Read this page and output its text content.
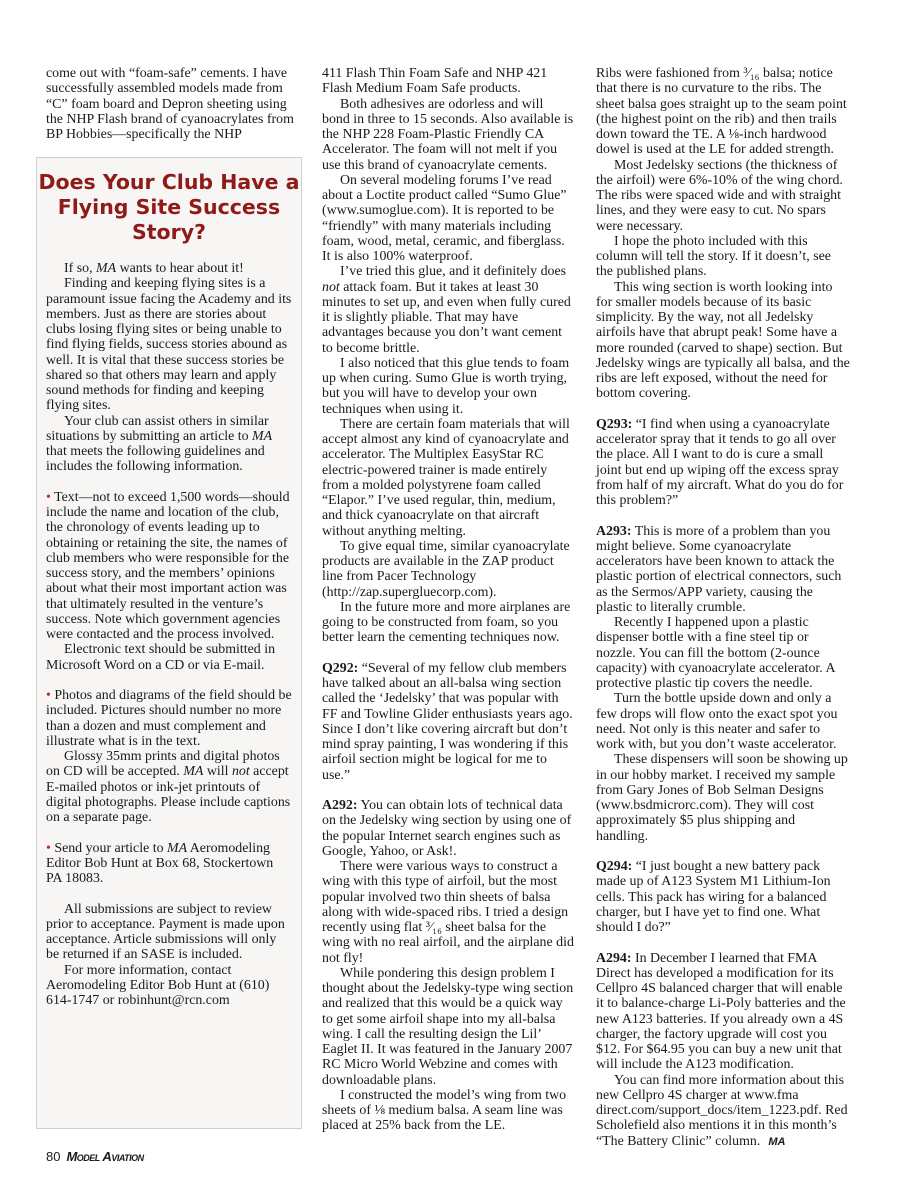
come out with “foam-safe” cements. I have successfully assembled models made from “C” foam board and Depron sheeting using the NHP Flash brand of cyanoacrylates from BP Hobbies—specifically the NHP

Does Your Club Have a Flying Site Success Story?

If so, MA wants to hear about it!

Finding and keeping flying sites is a paramount issue facing the Academy and its members. Just as there are stories about clubs losing flying sites or being unable to find flying fields, success stories abound as well. It is vital that these success stories be shared so that others may learn and apply sound methods for finding and keeping flying sites.

Your club can assist others in similar situations by submitting an article to MA that meets the following guidelines and includes the following information.

• Text—not to exceed 1,500 words—should include the name and location of the club, the chronology of events leading up to obtaining or retaining the site, the names of club members who were responsible for the success story, and the members’ opinions about what their most important action was that ultimately resulted in the venture’s success. Note which government agencies were contacted and the process involved.

Electronic text should be submitted in Microsoft Word on a CD or via E-mail.

• Photos and diagrams of the field should be included. Pictures should number no more than a dozen and must complement and illustrate what is in the text.

Glossy 35mm prints and digital photos on CD will be accepted. MA will not accept E-mailed photos or ink-jet printouts of digital photographs. Please include captions on a separate page.

• Send your article to MA Aeromodeling Editor Bob Hunt at Box 68, Stockertown PA 18083.

All submissions are subject to review prior to acceptance. Payment is made upon acceptance. Article submissions will only be returned if an SASE is included.

For more information, contact Aeromodeling Editor Bob Hunt at (610) 614-1747 or robinhunt@rcn.com

411 Flash Thin Foam Safe and NHP 421 Flash Medium Foam Safe products.

Both adhesives are odorless and will bond in three to 15 seconds. Also available is the NHP 228 Foam-Plastic Friendly CA Accelerator. The foam will not melt if you use this brand of cyanoacrylate cements.

On several modeling forums I’ve read about a Loctite product called “Sumo Glue” (www.sumoglue.com). It is reported to be “friendly” with many materials including foam, wood, metal, ceramic, and fiberglass. It is also 100% waterproof.

I’ve tried this glue, and it definitely does not attack foam. But it takes at least 30 minutes to set up, and even when fully cured it is slightly pliable. That may have advantages because you don’t want cement to become brittle.

I also noticed that this glue tends to foam up when curing. Sumo Glue is worth trying, but you will have to develop your own techniques when using it.

There are certain foam materials that will accept almost any kind of cyanoacrylate and accelerator. The Multiplex EasyStar RC electric-powered trainer is made entirely from a molded polystyrene foam called “Elapor.” I’ve used regular, thin, medium, and thick cyanoacrylate on that aircraft without anything melting.

To give equal time, similar cyanoacrylate products are available in the ZAP product line from Pacer Technology (http://zap.supergluecorp.com).

In the future more and more airplanes are going to be constructed from foam, so you better learn the cementing techniques now.

Q292: “Several of my fellow club members have talked about an all-balsa wing section called the ‘Jedelsky’ that was popular with FF and Towline Glider enthusiasts years ago. Since I don’t like covering aircraft but don’t mind spray painting, I was wondering if this airfoil section might be logical for me to use.”

A292: You can obtain lots of technical data on the Jedelsky wing section by using one of the popular Internet search engines such as Google, Yahoo, or Ask!.

There were various ways to construct a wing with this type of airfoil, but the most popular involved two thin sheets of balsa along with wide-spaced ribs. I tried a design recently using flat ³⁄₁₆ sheet balsa for the wing with no real airfoil, and the airplane did not fly!

While pondering this design problem I thought about the Jedelsky-type wing section and realized that this would be a quick way to get some airfoil shape into my all-balsa wing. I call the resulting design the Lil’ Eaglet II. It was featured in the January 2007 RC Micro World Webzine and comes with downloadable plans.

I constructed the model’s wing from two sheets of ⅛ medium balsa. A seam line was placed at 25% back from the LE.

Ribs were fashioned from ³⁄₁₆ balsa; notice that there is no curvature to the ribs. The sheet balsa goes straight up to the seam point (the highest point on the rib) and then trails down toward the TE. A ⅛-inch hardwood dowel is used at the LE for added strength.

Most Jedelsky sections (the thickness of the airfoil) were 6%-10% of the wing chord. The ribs were spaced wide and with straight lines, and they were easy to cut. No spars were necessary.

I hope the photo included with this column will tell the story. If it doesn’t, see the published plans.

This wing section is worth looking into for smaller models because of its basic simplicity. By the way, not all Jedelsky airfoils have that abrupt peak! Some have a more rounded (carved to shape) section. But Jedelsky wings are typically all balsa, and the ribs are left exposed, without the need for bottom covering.

Q293: “I find when using a cyanoacrylate accelerator spray that it tends to go all over the place. All I want to do is cure a small joint but end up wiping off the excess spray from half of my aircraft. What do you do for this problem?”

A293: This is more of a problem than you might believe. Some cyanoacrylate accelerators have been known to attack the plastic portion of electrical connectors, such as the Sermos/APP variety, causing the plastic to literally crumble.

Recently I happened upon a plastic dispenser bottle with a fine steel tip or nozzle. You can fill the bottom (2-ounce capacity) with cyanoacrylate accelerator. A protective plastic tip covers the needle.

Turn the bottle upside down and only a few drops will flow onto the exact spot you need. Not only is this neater and safer to work with, but you don’t waste accelerator.

These dispensers will soon be showing up in our hobby market. I received my sample from Gary Jones of Bob Selman Designs (www.bsdmicrorc.com). They will cost approximately $5 plus shipping and handling.

Q294: “I just bought a new battery pack made up of A123 System M1 Lithium-Ion cells. This pack has wiring for a balanced charger, but I have yet to find one. What should I do?”

A294: In December I learned that FMA Direct has developed a modification for its Cellpro 4S balanced charger that will enable it to balance-charge Li-Poly batteries and the new A123 batteries. If you already own a 4S charger, the factory upgrade will cost you $12. For $64.95 you can buy a new unit that will include the A123 modification.

You can find more information about this new Cellpro 4S charger at www.fma direct.com/support_docs/item_1223.pdf. Red Scholefield also mentions it in this month’s “The Battery Clinic” column. MA

80 Model Aviation
